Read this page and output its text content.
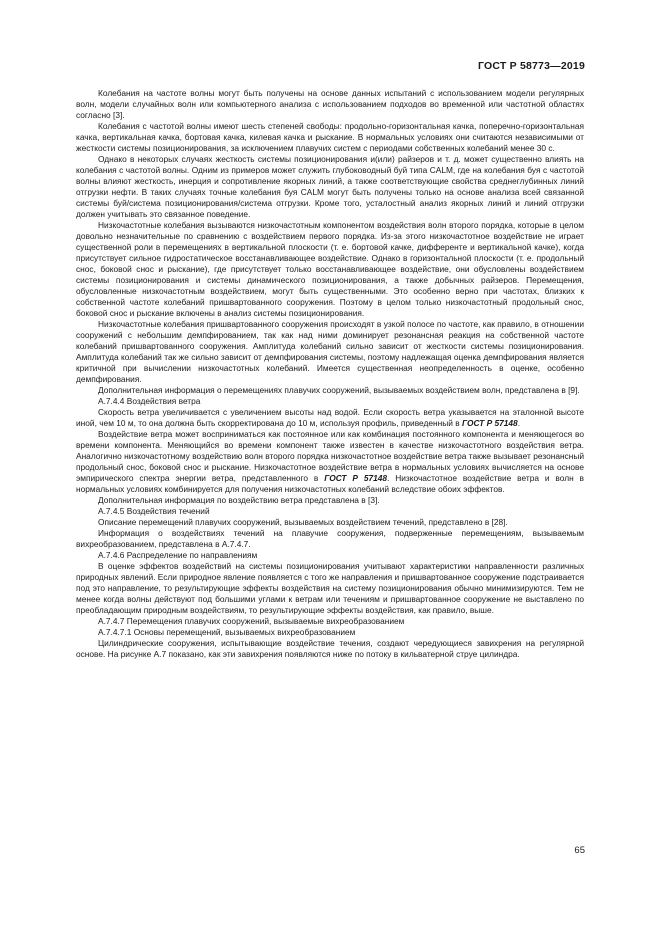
ГОСТ Р 58773—2019

Колебания на частоте волны могут быть получены на основе данных испытаний с использованием модели регулярных волн, модели случайных волн или компьютерного анализа с использованием подходов во временной или частотной областях согласно [3].

Колебания с частотой волны имеют шесть степеней свободы: продольно-горизонтальная качка, поперечно-горизонтальная качка, вертикальная качка, бортовая качка, килевая качка и рыскание. В нормальных условиях они считаются независимыми от жесткости системы позиционирования, за исключением плавучих систем с периодами собственных колебаний менее 30 с.

Однако в некоторых случаях жесткость системы позиционирования и(или) райзеров и т. д. может существенно влиять на колебания с частотой волны. Одним из примеров может служить глубоководный буй типа CALM, где на колебания буя с частотой волны влияют жесткость, инерция и сопротивление якорных линий, а также соответствующие свойства среднеглубинных линий отгрузки нефти. В таких случаях точные колебания буя CALM могут быть получены только на основе анализа всей связанной системы буй/система позиционирования/система отгрузки. Кроме того, усталостный анализ якорных линий и линий отгрузки должен учитывать это связанное поведение.

Низкочастотные колебания вызываются низкочастотным компонентом воздействия волн второго порядка, которые в целом довольно незначительные по сравнению с воздействием первого порядка. Из-за этого низкочастотное воздействие не играет существенной роли в перемещениях в вертикальной плоскости (т. е. бортовой качке, дифференте и вертикальной качке), когда присутствует сильное гидростатическое восстанавливающее воздействие. Однако в горизонтальной плоскости (т. е. продольный снос, боковой снос и рыскание), где присутствует только восстанавливающее воздействие, они обусловлены воздействием системы позиционирования и системы динамического позиционирования, а также добычных райзеров. Перемещения, обусловленные низкочастотным воздействием, могут быть существенными. Это особенно верно при частотах, близких к собственной частоте колебаний пришвартованного сооружения. Поэтому в целом только низкочастотный продольный снос, боковой снос и рыскание включены в анализ системы позиционирования.

Низкочастотные колебания пришвартованного сооружения происходят в узкой полосе по частоте, как правило, в отношении сооружений с небольшим демпфированием, так как над ними доминирует резонансная реакция на собственной частоте колебаний пришвартованного сооружения. Амплитуда колебаний сильно зависит от жесткости системы позиционирования. Амплитуда колебаний так же сильно зависит от демпфирования системы, поэтому надлежащая оценка демпфирования является критичной при вычислении низкочастотных колебаний. Имеется существенная неопределенность в оценке, особенно демпфирования.

Дополнительная информация о перемещениях плавучих сооружений, вызываемых воздействием волн, представлена в [9].

А.7.4.4 Воздействия ветра

Скорость ветра увеличивается с увеличением высоты над водой. Если скорость ветра указывается на эталонной высоте иной, чем 10 м, то она должна быть скорректирована до 10 м, используя профиль, приведенный в ГОСТ Р 57148.

Воздействие ветра может восприниматься как постоянное или как комбинация постоянного компонента и меняющегося во времени компонента. Меняющийся во времени компонент также известен в качестве низкочастотного воздействия ветра. Аналогично низкочастотному воздействию волн второго порядка низкочастотное воздействие ветра также вызывает резонансный продольный снос, боковой снос и рыскание. Низкочастотное воздействие ветра в нормальных условиях вычисляется на основе эмпирического спектра энергии ветра, представленного в ГОСТ Р 57148. Низкочастотное воздействие ветра и волн в нормальных условиях комбинируется для получения низкочастотных колебаний вследствие обоих эффектов.

Дополнительная информация по воздействию ветра представлена в [3].

А.7.4.5 Воздействия течений

Описание перемещений плавучих сооружений, вызываемых воздействием течений, представлено в [28].

Информация о воздействиях течений на плавучие сооружения, подверженные перемещениям, вызываемым вихреобразованием, представлена в А.7.4.7.

А.7.4.6 Распределение по направлениям

В оценке эффектов воздействий на системы позиционирования учитывают характеристики направленности различных природных явлений. Если природное явление появляется с того же направления и пришвартованное сооружение подстраивается под это направление, то результирующие эффекты воздействия на систему позиционирования обычно минимизируются. Тем не менее когда волны действуют под большими углами к ветрам или течениям и пришвартованное сооружение не выставлено по преобладающим природным воздействиям, то результирующие эффекты воздействия, как правило, выше.

А.7.4.7 Перемещения плавучих сооружений, вызываемые вихреобразованием

А.7.4.7.1 Основы перемещений, вызываемых вихреобразованием

Цилиндрические сооружения, испытывающие воздействие течения, создают чередующиеся завихрения на регулярной основе. На рисунке А.7 показано, как эти завихрения появляются ниже по потоку в кильватерной струе цилиндра.

65
